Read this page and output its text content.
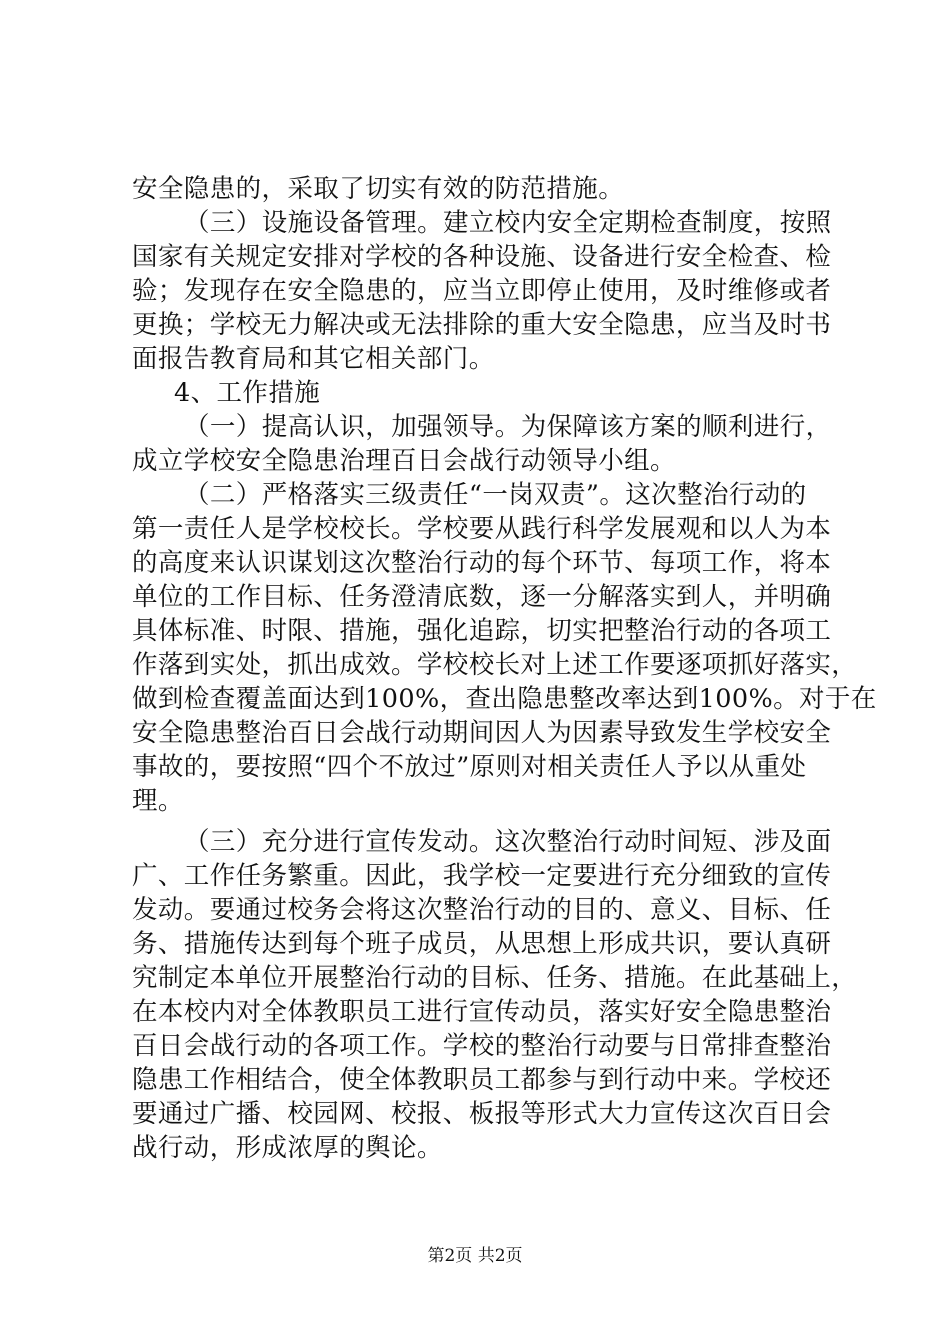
安全隐患的，采取了切实有效的防范措施。
（三）设施设备管理。建立校内安全定期检查制度，按照
国家有关规定安排对学校的各种设施、设备进行安全检查、检
验；发现存在安全隐患的，应当立即停止使用，及时维修或者
更换；学校无力解决或无法排除的重大安全隐患，应当及时书
面报告教育局和其它相关部门。
4、工作措施
（一）提高认识，加强领导。为保障该方案的顺利进行，
成立学校安全隐患治理百日会战行动领导小组。
（二）严格落实三级责任“一岗双责”。这次整治行动的
第一责任人是学校校长。学校要从践行科学发展观和以人为本
的高度来认识谋划这次整治行动的每个环节、每项工作，将本
单位的工作目标、任务澄清底数，逐一分解落实到人，并明确
具体标准、时限、措施，强化追踪，切实把整治行动的各项工
作落到实处，抓出成效。学校校长对上述工作要逐项抓好落实，
做到检查覆盖面达到100%，查出隐患整改率达到100%。对于在
安全隐患整治百日会战行动期间因人为因素导致发生学校安全
事故的，要按照“四个不放过”原则对相关责任人予以从重处
理。
（三）充分进行宣传发动。这次整治行动时间短、涉及面
广、工作任务繁重。因此，我学校一定要进行充分细致的宣传
发动。要通过校务会将这次整治行动的目的、意义、目标、任
务、措施传达到每个班子成员，从思想上形成共识，要认真研
究制定本单位开展整治行动的目标、任务、措施。在此基础上，
在本校内对全体教职员工进行宣传动员，落实好安全隐患整治
百日会战行动的各项工作。学校的整治行动要与日常排查整治
隐患工作相结合，使全体教职员工都参与到行动中来。学校还
要通过广播、校园网、校报、板报等形式大力宣传这次百日会
战行动，形成浓厚的舆论。
第2页 共2页
